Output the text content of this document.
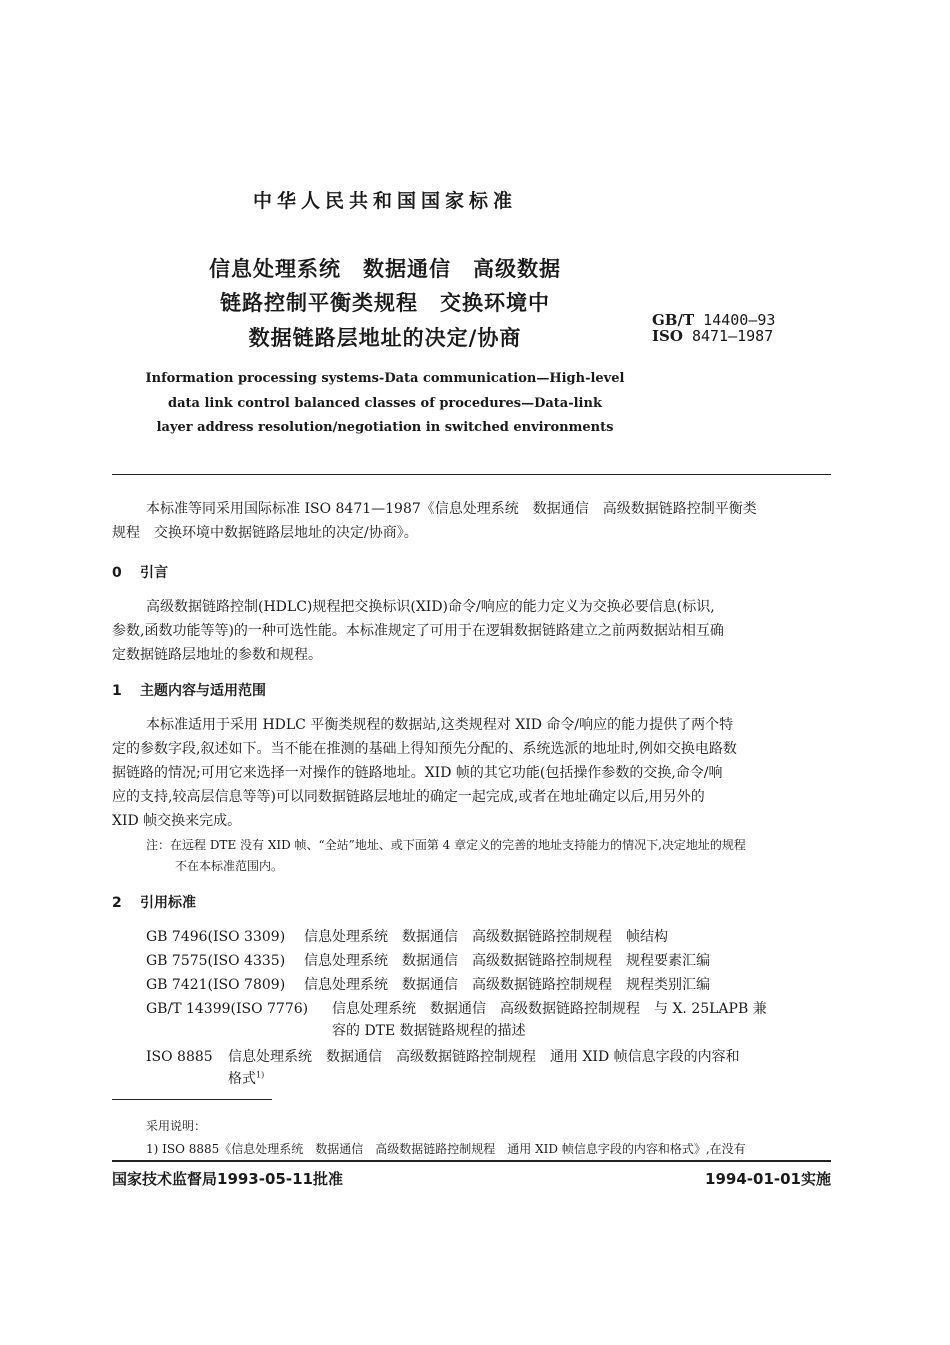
中华人民共和国国家标准
信息处理系统　数据通信　高级数据
链路控制平衡类规程　交换环境中
数据链路层地址的决定/协商
GB/T 14400—93
ISO 8471—1987
Information processing systems-Data communication—High-level
data link control balanced classes of procedures—Data-link
layer address resolution/negotiation in switched environments
本标准等同采用国际标准 ISO 8471—1987《信息处理系统　数据通信　高级数据链路控制平衡类
规程　交换环境中数据链路层地址的决定/协商》。
0 引言
高级数据链路控制(HDLC)规程把交换标识(XID)命令/响应的能力定义为交换必要信息(标识,
参数,函数功能等等)的一种可选性能。本标准规定了可用于在逻辑数据链路建立之前两数据站相互确
定数据链路层地址的参数和规程。
1 主题内容与适用范围
本标准适用于采用 HDLC 平衡类规程的数据站,这类规程对 XID 命令/响应的能力提供了两个特
定的参数字段,叙述如下。当不能在推测的基础上得知预先分配的、系统选派的地址时,例如交换电路数
据链路的情况;可用它来选择一对操作的链路地址。XID 帧的其它功能(包括操作参数的交换,命令/响
应的支持,较高层信息等等)可以同数据链路层地址的确定一起完成,或者在地址确定以后,用另外的
XID 帧交换来完成。
注：在远程 DTE 没有 XID 帧、“全站”地址、或下面第 4 章定义的完善的地址支持能力的情况下,决定地址的规程
不在本标准范围内。
2 引用标准
GB 7496(ISO 3309) 信息处理系统　数据通信　高级数据链路控制规程　帧结构
GB 7575(ISO 4335) 信息处理系统　数据通信　高级数据链路控制规程　规程要素汇编
GB 7421(ISO 7809) 信息处理系统　数据通信　高级数据链路控制规程　规程类别汇编
GB/T 14399(ISO 7776) 信息处理系统　数据通信　高级数据链路控制规程　与 X. 25LAPB 兼
容的 DTE 数据链路规程的描述
ISO 8885 信息处理系统　数据通信　高级数据链路控制规程　通用 XID 帧信息字段的内容和
格式$^{1)}$
采用说明：
1) ISO 8885《信息处理系统　数据通信　高级数据链路控制规程　通用 XID 帧信息字段的内容和格式》,在没有
国家技术监督局1993-05-11批准	1994-01-01实施
